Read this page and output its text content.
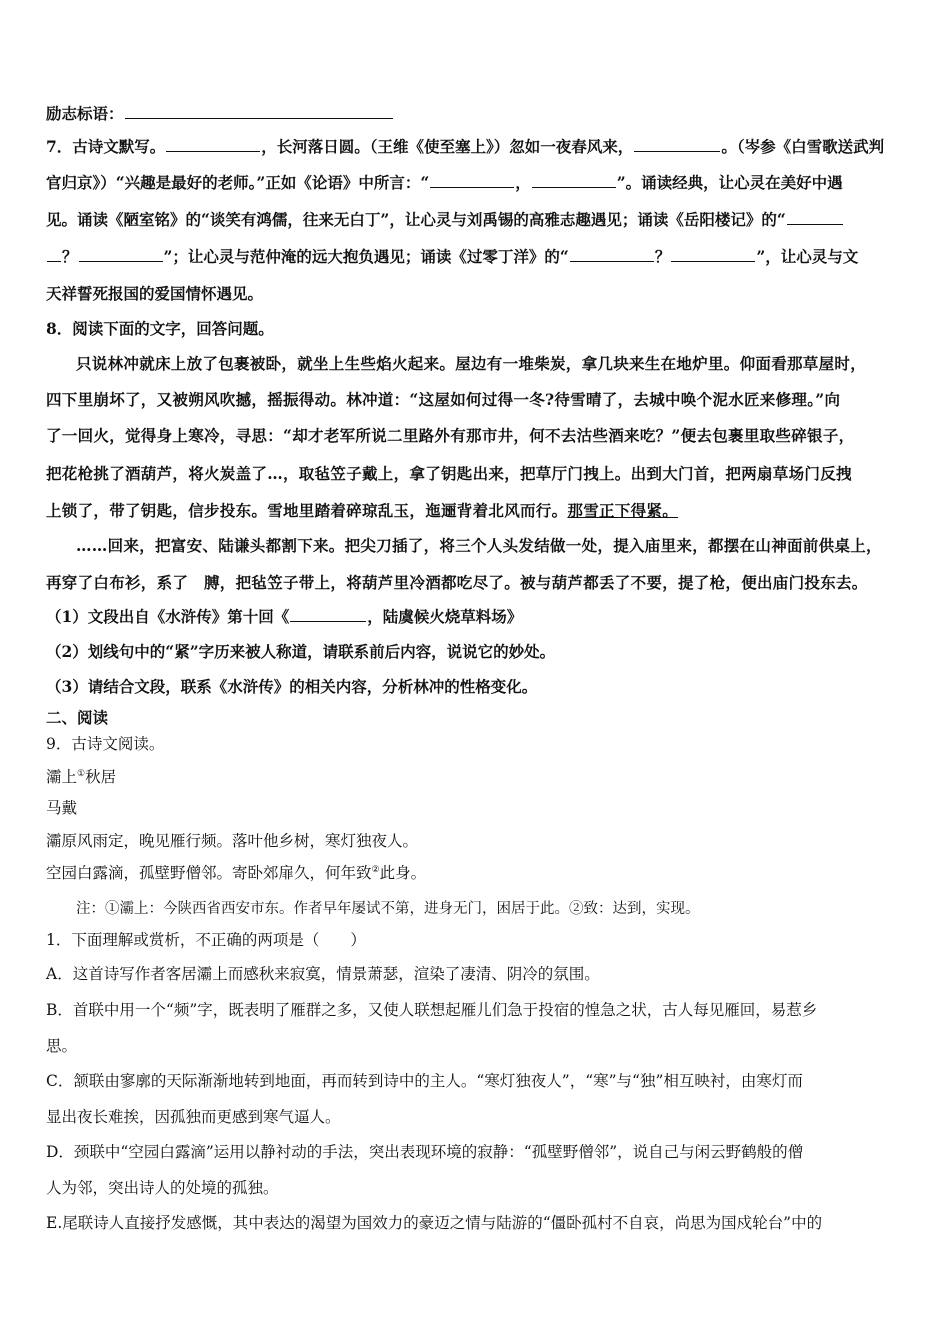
励志标语：
7．古诗文默写。	，长河落日圆。（王维《使至塞上》）忽如一夜春风来，	。（岑参《白雪歌送武判
官归京》）“兴趣是最好的老师。”正如《论语》中所言：“	，	”。诵读经典，让心灵在美好中遇
见。诵读《陋室铭》的“谈笑有鸿儒，往来无白丁”，让心灵与刘禹锡的高雅志趣遇见；诵读《岳阳楼记》的“
？	”；让心灵与范仲淹的远大抱负遇见；诵读《过零丁洋》的“	？	”，让心灵与文
天祥誓死报国的爱国情怀遇见。
8．阅读下面的文字，回答问题。
只说林冲就床上放了包裹被卧，就坐上生些焰火起来。屋边有一堆柴炭，拿几块来生在地炉里。仰面看那草屋时，
四下里崩坏了，又被朔风吹撼，摇振得动。林冲道：“这屋如何过得一冬?待雪晴了，去城中唤个泥水匠来修理。”向
了一回火，觉得身上寒冷，寻思：“却才老军所说二里路外有那市井，何不去沽些酒来吃？”便去包裹里取些碎银子，
把花枪挑了酒葫芦，将火炭盖了…，取毡笠子戴上，拿了钥匙出来，把草厅门拽上。出到大门首，把两扇草场门反拽
上锁了，带了钥匙，信步投东。雪地里踏着碎琼乱玉，迤逦背着北风而行。那雪正下得紧。
……回来，把富安、陆谦头都割下来。把尖刀插了，将三个人头发结做一处，提入庙里来，都摆在山神面前供桌上，
再穿了白布衫，系了　膊，把毡笠子带上，将葫芦里冷酒都吃尽了。被与葫芦都丢了不要，提了枪，便出庙门投东去。
（1）文段出自《水浒传》第十回《	，陆虞候火烧草料场》
（2）划线句中的“紧”字历来被人称道，请联系前后内容，说说它的妙处。
（3）请结合文段，联系《水浒传》的相关内容，分析林冲的性格变化。
二、阅读
9．古诗文阅读。
灞上①秋居
马戴
灞原风雨定，晚见雁行频。落叶他乡树，寒灯独夜人。
空园白露滴，孤壁野僧邻。寄卧郊扉久，何年致②此身。
注：①灞上：今陕西省西安市东。作者早年屡试不第，进身无门，困居于此。②致：达到，实现。
1．下面理解或赏析，不正确的两项是（　　）
A．这首诗写作者客居灞上而感秋来寂寞，情景萧瑟，渲染了凄清、阴冷的氛围。
B．首联中用一个“频”字，既表明了雁群之多，又使人联想起雁儿们急于投宿的惶急之状，古人每见雁回，易惹乡
思。
C．颔联由寥廓的天际渐渐地转到地面，再而转到诗中的主人。“寒灯独夜人”，“寒”与“独”相互映衬，由寒灯而
显出夜长难挨，因孤独而更感到寒气逼人。
D．颈联中“空园白露滴”运用以静衬动的手法，突出表现环境的寂静：“孤壁野僧邻”，说自己与闲云野鹤般的僧
人为邻，突出诗人的处境的孤独。
E.尾联诗人直接抒发感慨，其中表达的渴望为国效力的豪迈之情与陆游的“僵卧孤村不自哀，尚思为国戍轮台”中的
